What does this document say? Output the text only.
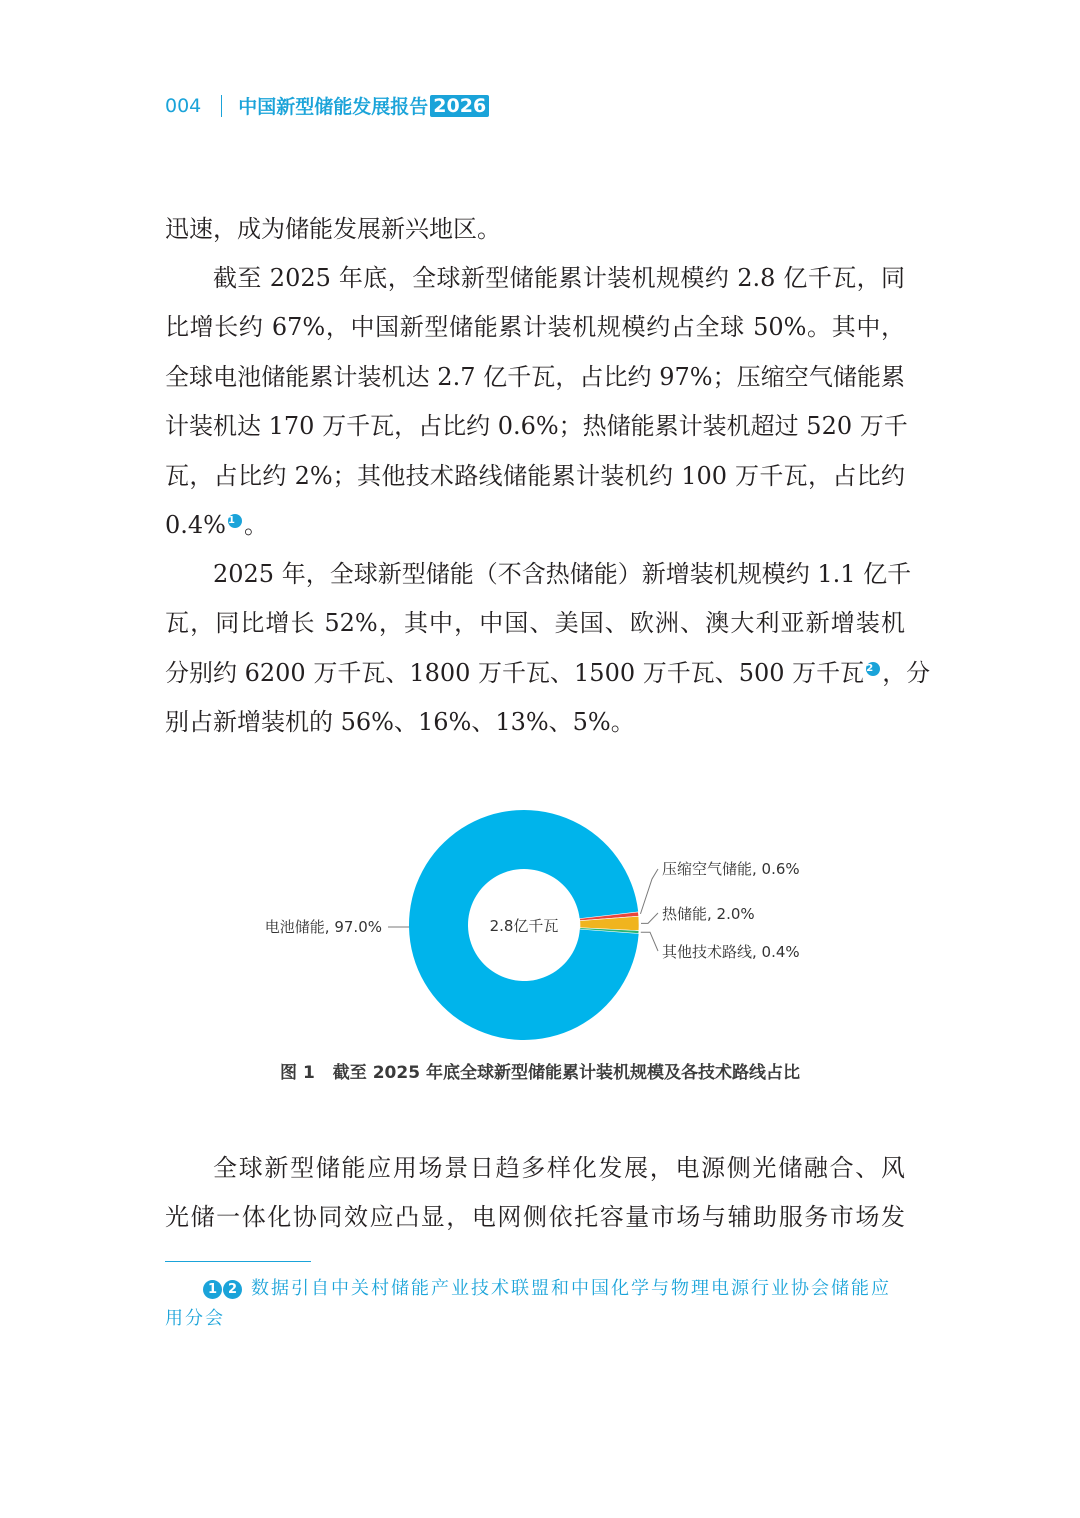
004 中国新型储能发展报告 2026
迅速，成为储能发展新兴地区。
截至 2025 年底，全球新型储能累计装机规模约 2.8 亿千瓦，同
比增长约 67%，中国新型储能累计装机规模约占全球 50%。其中，
全球电池储能累计装机达 2.7 亿千瓦，占比约 97%；压缩空气储能累
计装机达 170 万千瓦，占比约 0.6%；热储能累计装机超过 520 万千
瓦，占比约 2%；其他技术路线储能累计装机约 100 万千瓦，占比约
0.4% 1 。
2025 年，全球新型储能（不含热储能）新增装机规模约 1.1 亿千
瓦，同比增长 52%，其中，中国、美国、欧洲、澳大利亚新增装机
分别约 6200 万千瓦、1800 万千瓦、1500 万千瓦、500 万千瓦 2 ，分
别占新增装机的 56%、16%、13%、5%。
2.8亿千瓦
电池储能, 97.0%
压缩空气储能, 0.6%
热储能, 2.0%
其他技术路线, 0.4%
图 1 截至 2025 年底全球新型储能累计装机规模及各技术路线占比
全球新型储能应用场景日趋多样化发展，电源侧光储融合、风
光储一体化协同效应凸显，电网侧依托容量市场与辅助服务市场发
1 2 数据引自中关村储能产业技术联盟和中国化学与物理电源行业协会储能应用分会
